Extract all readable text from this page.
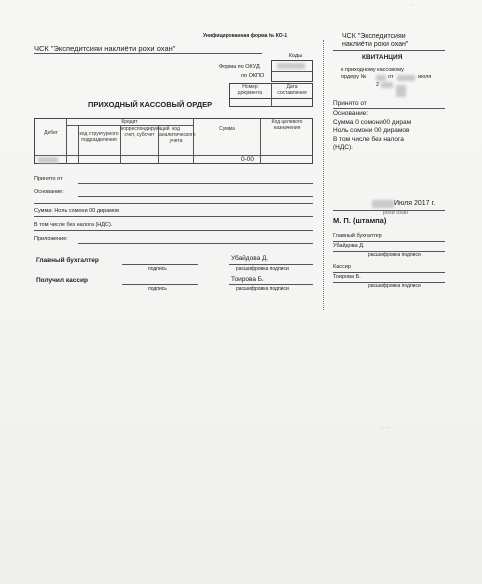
·- ·
Унифицированная форма № КО-1
ЧСК "Экспедитсияи наклиёти рохи охан"
Коды
Форма по ОКУД
по ОКПО
Номер документа
Дата составления
ПРИХОДНЫЙ КАССОВЫЙ ОРДЕР
Дебет
Кредит
код структурного подразделения
корреспондирующий счет, субсчет
код аналитического учета
Сумма
Код целевого назначения
0-00
Принято от
Основание:
Сумма: Ноль сомони 00 дирамов
В том числе без налога (НДС).
Приложение:
Главный бухгалтер
подпись
Убайдова Д.
расшифровка подписи
Получил кассир
подпись
Тоирова Б.
расшифровка подписи
ЧСК "Экспедитсияи
наклиёти рохи охан"
КВИТАНЦИЯ
к приходному кассовому
ордеру №	от	июля
2
Принято от
Основание:
Сумма 0 сомони00 дирам
Ноль сомони 00 дирамов
В том числе без налога
(НДС).
Июля 2017 г.
рохи охан
М. П. (штампа)
Главный бухгалтер
Убайдова Д.
расшифровка подписи
Кассир
Тоирова Б.
расшифровка подписи
··· ···· ·
·
